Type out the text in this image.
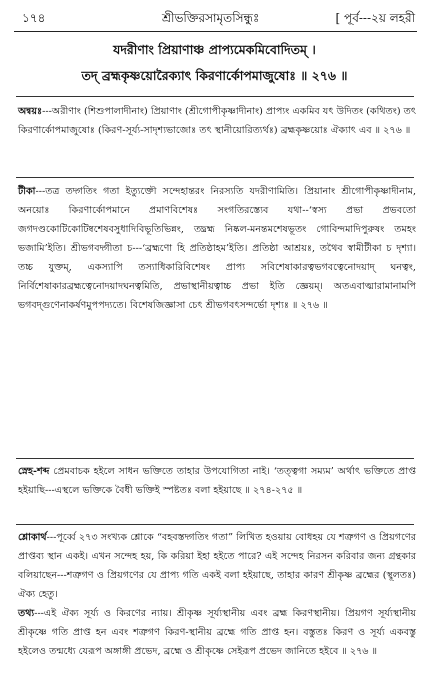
১৭৪	শ্রীভক্তিরসামৃতসিন্ধুঃ	[ পূর্ব---২য় লহরী
যদরীণাং প্রিয়াণাঞ্চ প্রাপ্যমেকমিবোদিতম্ ।
তদ্ ব্রহ্মকৃষ্ণয়োরৈক্যাৎ কিরণার্কোপমাজুষোঃ ॥ ২৭৬ ॥
অন্বয়ঃ---অরীণাং (শিশুপালাদীনাং) প্রিয়াণাং (শ্রীগোপীকৃষ্ণাদীনাং) প্রাপ্যং একমিব যৎ উদিতং (কথিতং) তৎ কিরণার্কোপমাজুষোঃ (কিরণ-সূর্য্য-সাদৃশ্যভাজোঃ তৎ স্থানীয়োরিত্যর্থঃ) ব্রহ্মকৃষ্ণয়োঃ ঐক্যাৎ এব ॥ ২৭৬ ॥
টীকা---তত্র তদ্গতিং গতা ইত্যুক্তৌ সন্দেহান্তরং নিরস্যতি যদরীণামিতি। প্রিয়ানাং শ্রীগোপীকৃষ্ণাদীনাম, অনয়োঃ কিরণার্কোপমানে প্রমাণবিশেষঃ সংগতিরস্ত্যেব যথা--‘স্বস্য প্রভা প্রভবতো জগদণ্ডকোটিকোটিষ্বশেষবসুধাদিবিভূতিভিন্নং, তদ্ব্রহ্ম নিষ্কল-মনন্তমশেষভূতং গোবিন্দমাদিপুরুষং তমহং ভজামি’ইতি। শ্রীভগবদ্গীতা চ---‘ব্রহ্মণো হি প্রতিষ্ঠাহম’ইতি। প্রতিষ্ঠা আশ্রয়ঃ, তথৈব স্বামীটীকা চ দৃশ্যা। তচ্চ যুক্তম্, একস্যাপি তস্যাধিকারিবিশেষং প্রাপ্য সবিশেষাকারত্বভগবত্বেনোদয়াদ্ ঘনত্বং, নির্বিশেষাকারব্রহ্মত্বেনোদয়াদঘনত্বমিতি, প্রভাস্থানীয়ত্বাচ্চ প্রভা ইতি জ্ঞেয়ম্। অতএবাত্মারামানামপি ভগবদ্গুণেনাকর্ষণমুপপদ্যতে। বিশেষজিজ্ঞাসা চেৎ শ্রীভগবৎসন্দর্ভো দৃশ্যঃ ॥ ২৭৬ ॥
স্নেহ-শব্দ প্রেমবাচক হইলে সাধন ভক্তিতে তাহার উপযোগিতা নাই। ‘তত্ত্বগা সম্যম’ অর্থাৎ ভক্তিতে প্রাপ্ত হইয়াছি---এস্থলে ভক্তিকে বৈধী ভক্তিই স্পষ্টতঃ বলা হইয়াছে ॥ ২৭৪-২৭৫ ॥
শ্লোকার্থ---পূর্ব্বে ২৭৩ সংখ্যক শ্লোকে “বহবস্তদ্গতিং গতা” লিখিত হওয়ায় বোধহয় যে শত্রুগণ ও প্রিয়গণের প্রাপ্তব্য স্থান একই। এখন সন্দেহ হয়, কি করিয়া ইহা হইতে পারে? এই সন্দেহ নিরসন করিবার জন্য গ্রন্থকার বলিয়াছেন---শত্রুগণ ও প্রিয়গণের যে প্রাপ্য গতি একই বলা হইয়াছে, তাহার কারণ শ্রীকৃষ্ণ ব্রহ্মের (স্থূলতঃ) ঐক্য হেতু।
তথ্য---এই ঐক্য সূর্য্য ও কিরণের ন্যায়। শ্রীকৃষ্ণ সূর্য্যস্থানীয় এবং ব্রহ্ম কিরণস্থানীয়। প্রিয়গণ সূর্য্যস্থানীয় শ্রীকৃষ্ণে গতি প্রাপ্ত হন এবং শত্রুগণ কিরণ-স্থানীয় ব্রহ্মে গতি প্রাপ্ত হন। বস্তুতঃ কিরণ ও সূর্য্য একবস্তু হইলেও তন্মধ্যে যেরূপ অঙ্গাঙ্গী প্রভেদ, ব্রহ্মে ও শ্রীকৃষ্ণে সেইরূপ প্রভেদ জানিতে হইবে ॥ ২৭৬ ॥
